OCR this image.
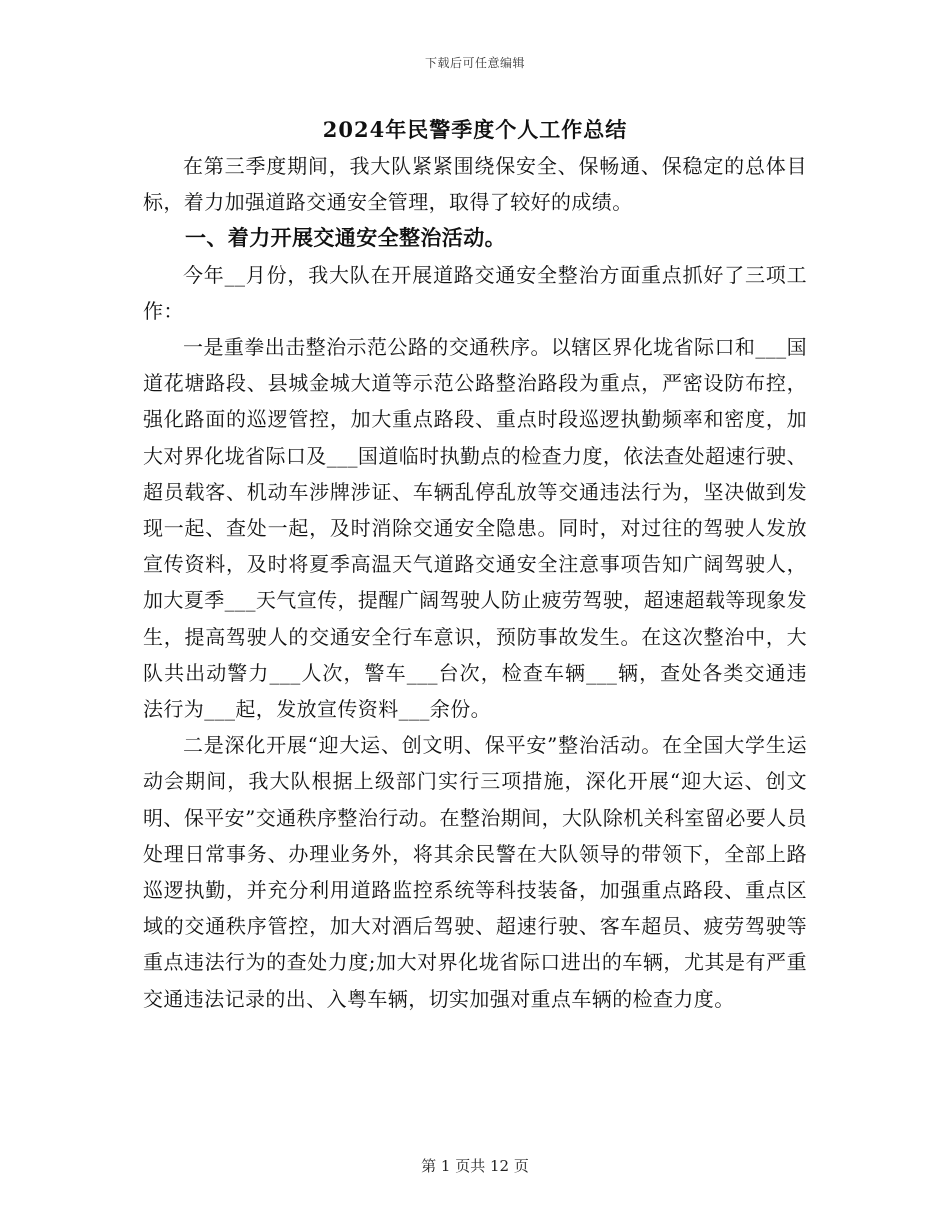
下载后可任意编辑
2024年民警季度个人工作总结

在第三季度期间，我大队紧紧围绕保安全、保畅通、保稳定的总体目标，着力加强道路交通安全管理，取得了较好的成绩。

一、着力开展交通安全整治活动。

今年__月份，我大队在开展道路交通安全整治方面重点抓好了三项工作：

一是重拳出击整治示范公路的交通秩序。以辖区界化垅省际口和___国道花塘路段、县城金城大道等示范公路整治路段为重点，严密设防布控，强化路面的巡逻管控，加大重点路段、重点时段巡逻执勤频率和密度，加大对界化垅省际口及___国道临时执勤点的检查力度，依法查处超速行驶、超员载客、机动车涉牌涉证、车辆乱停乱放等交通违法行为，坚决做到发现一起、查处一起，及时消除交通安全隐患。同时，对过往的驾驶人发放宣传资料，及时将夏季高温天气道路交通安全注意事项告知广阔驾驶人，加大夏季___天气宣传，提醒广阔驾驶人防止疲劳驾驶，超速超载等现象发生，提高驾驶人的交通安全行车意识，预防事故发生。在这次整治中，大队共出动警力___人次，警车___台次，检查车辆___辆，查处各类交通违法行为___起，发放宣传资料___余份。

二是深化开展“迎大运、创文明、保平安”整治活动。在全国大学生运动会期间，我大队根据上级部门实行三项措施，深化开展“迎大运、创文明、保平安”交通秩序整治行动。在整治期间，大队除机关科室留必要人员处理日常事务、办理业务外，将其余民警在大队领导的带领下，全部上路巡逻执勤，并充分利用道路监控系统等科技装备，加强重点路段、重点区域的交通秩序管控，加大对酒后驾驶、超速行驶、客车超员、疲劳驾驶等重点违法行为的查处力度;加大对界化垅省际口进出的车辆，尤其是有严重交通违法记录的出、入粤车辆，切实加强对重点车辆的检查力度。

第 1 页共 12 页
